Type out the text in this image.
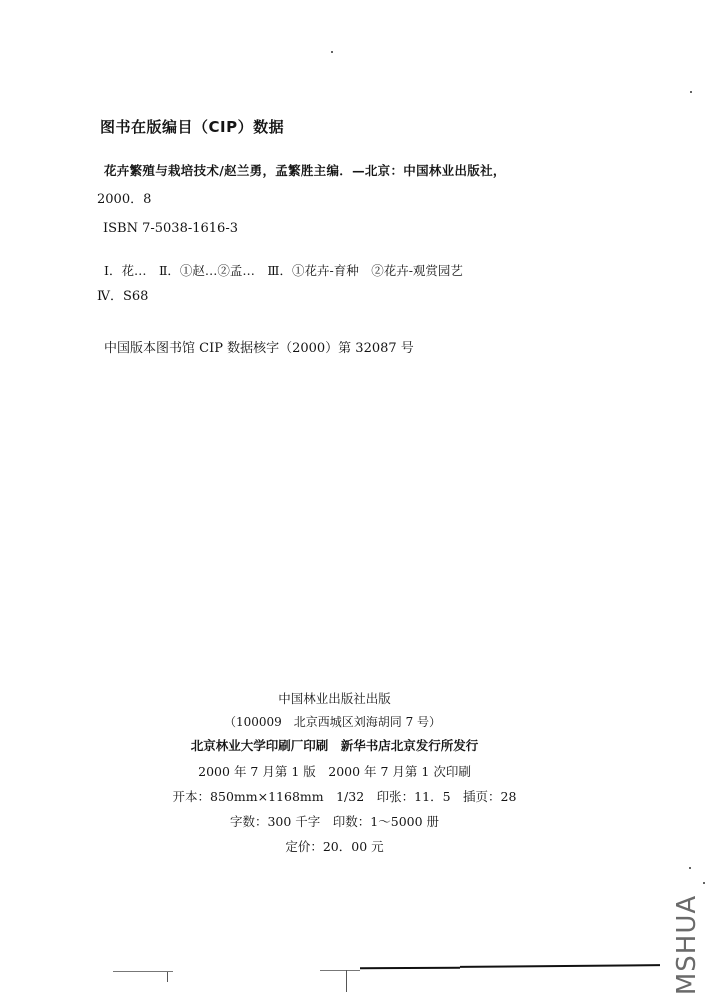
图书在版编目（CIP）数据
花卉繁殖与栽培技术/赵兰勇，孟繁胜主编．—北京：中国林业出版社，
2000．8
ISBN 7-5038-1616-3
Ⅰ．花…　Ⅱ．①赵…②孟…　Ⅲ．①花卉-育种　②花卉-观赏园艺
Ⅳ．S68
中国版本图书馆 CIP 数据核字（2000）第 32087 号
中国林业出版社出版
（100009　北京西城区刘海胡同 7 号）
北京林业大学印刷厂印刷　新华书店北京发行所发行
2000 年 7 月第 1 版　2000 年 7 月第 1 次印刷
开本：850mm×1168mm　1/32　印张：11．5　插页：28
字数：300 千字　印数：1～5000 册
定价：20．00 元
MSHUA
